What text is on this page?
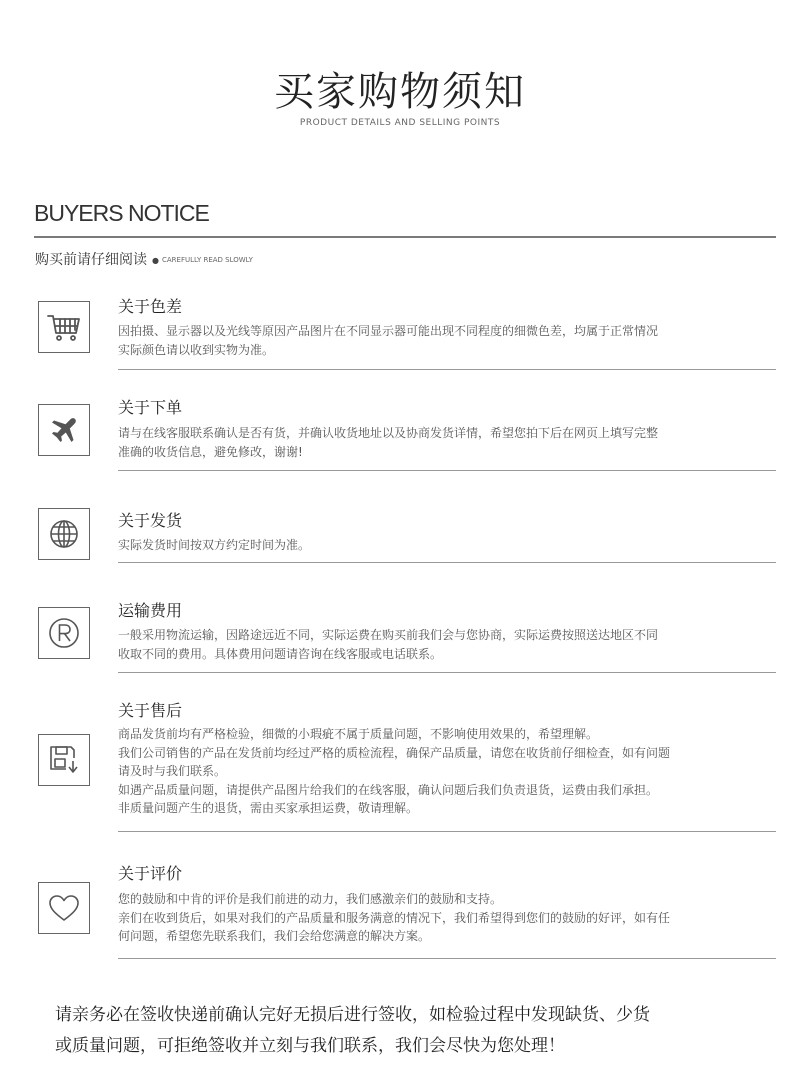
买家购物须知
PRODUCT DETAILS AND SELLING POINTS
BUYERS NOTICE
购买前请仔细阅读 ● CAREFULLY READ SLOWLY
关于色差

因拍摄、显示器以及光线等原因产品图片在不同显示器可能出现不同程度的细微色差，均属于正常情况

实际颜色请以收到实物为准。

关于下单

请与在线客服联系确认是否有货，并确认收货地址以及协商发货详情，希望您拍下后在网页上填写完整

准确的收货信息，避免修改，谢谢!

关于发货

实际发货时间按双方约定时间为准。

运输费用

一般采用物流运输，因路途远近不同，实际运费在购买前我们会与您协商，实际运费按照送达地区不同

收取不同的费用。具体费用问题请咨询在线客服或电话联系。

关于售后

商品发货前均有严格检验，细微的小瑕疵不属于质量问题，不影响使用效果的，希望理解。

我们公司销售的产品在发货前均经过严格的质检流程，确保产品质量，请您在收货前仔细检查，如有问题

请及时与我们联系。

如遇产品质量问题，请提供产品图片给我们的在线客服，确认问题后我们负责退货，运费由我们承担。

非质量问题产生的退货，需由买家承担运费，敬请理解。

关于评价

您的鼓励和中肯的评价是我们前进的动力，我们感激亲们的鼓励和支持。

亲们在收到货后，如果对我们的产品质量和服务满意的情况下，我们希望得到您们的鼓励的好评，如有任

何问题，希望您先联系我们，我们会给您满意的解决方案。

请亲务必在签收快递前确认完好无损后进行签收，如检验过程中发现缺货、少货

或质量问题，可拒绝签收并立刻与我们联系，我们会尽快为您处理！
